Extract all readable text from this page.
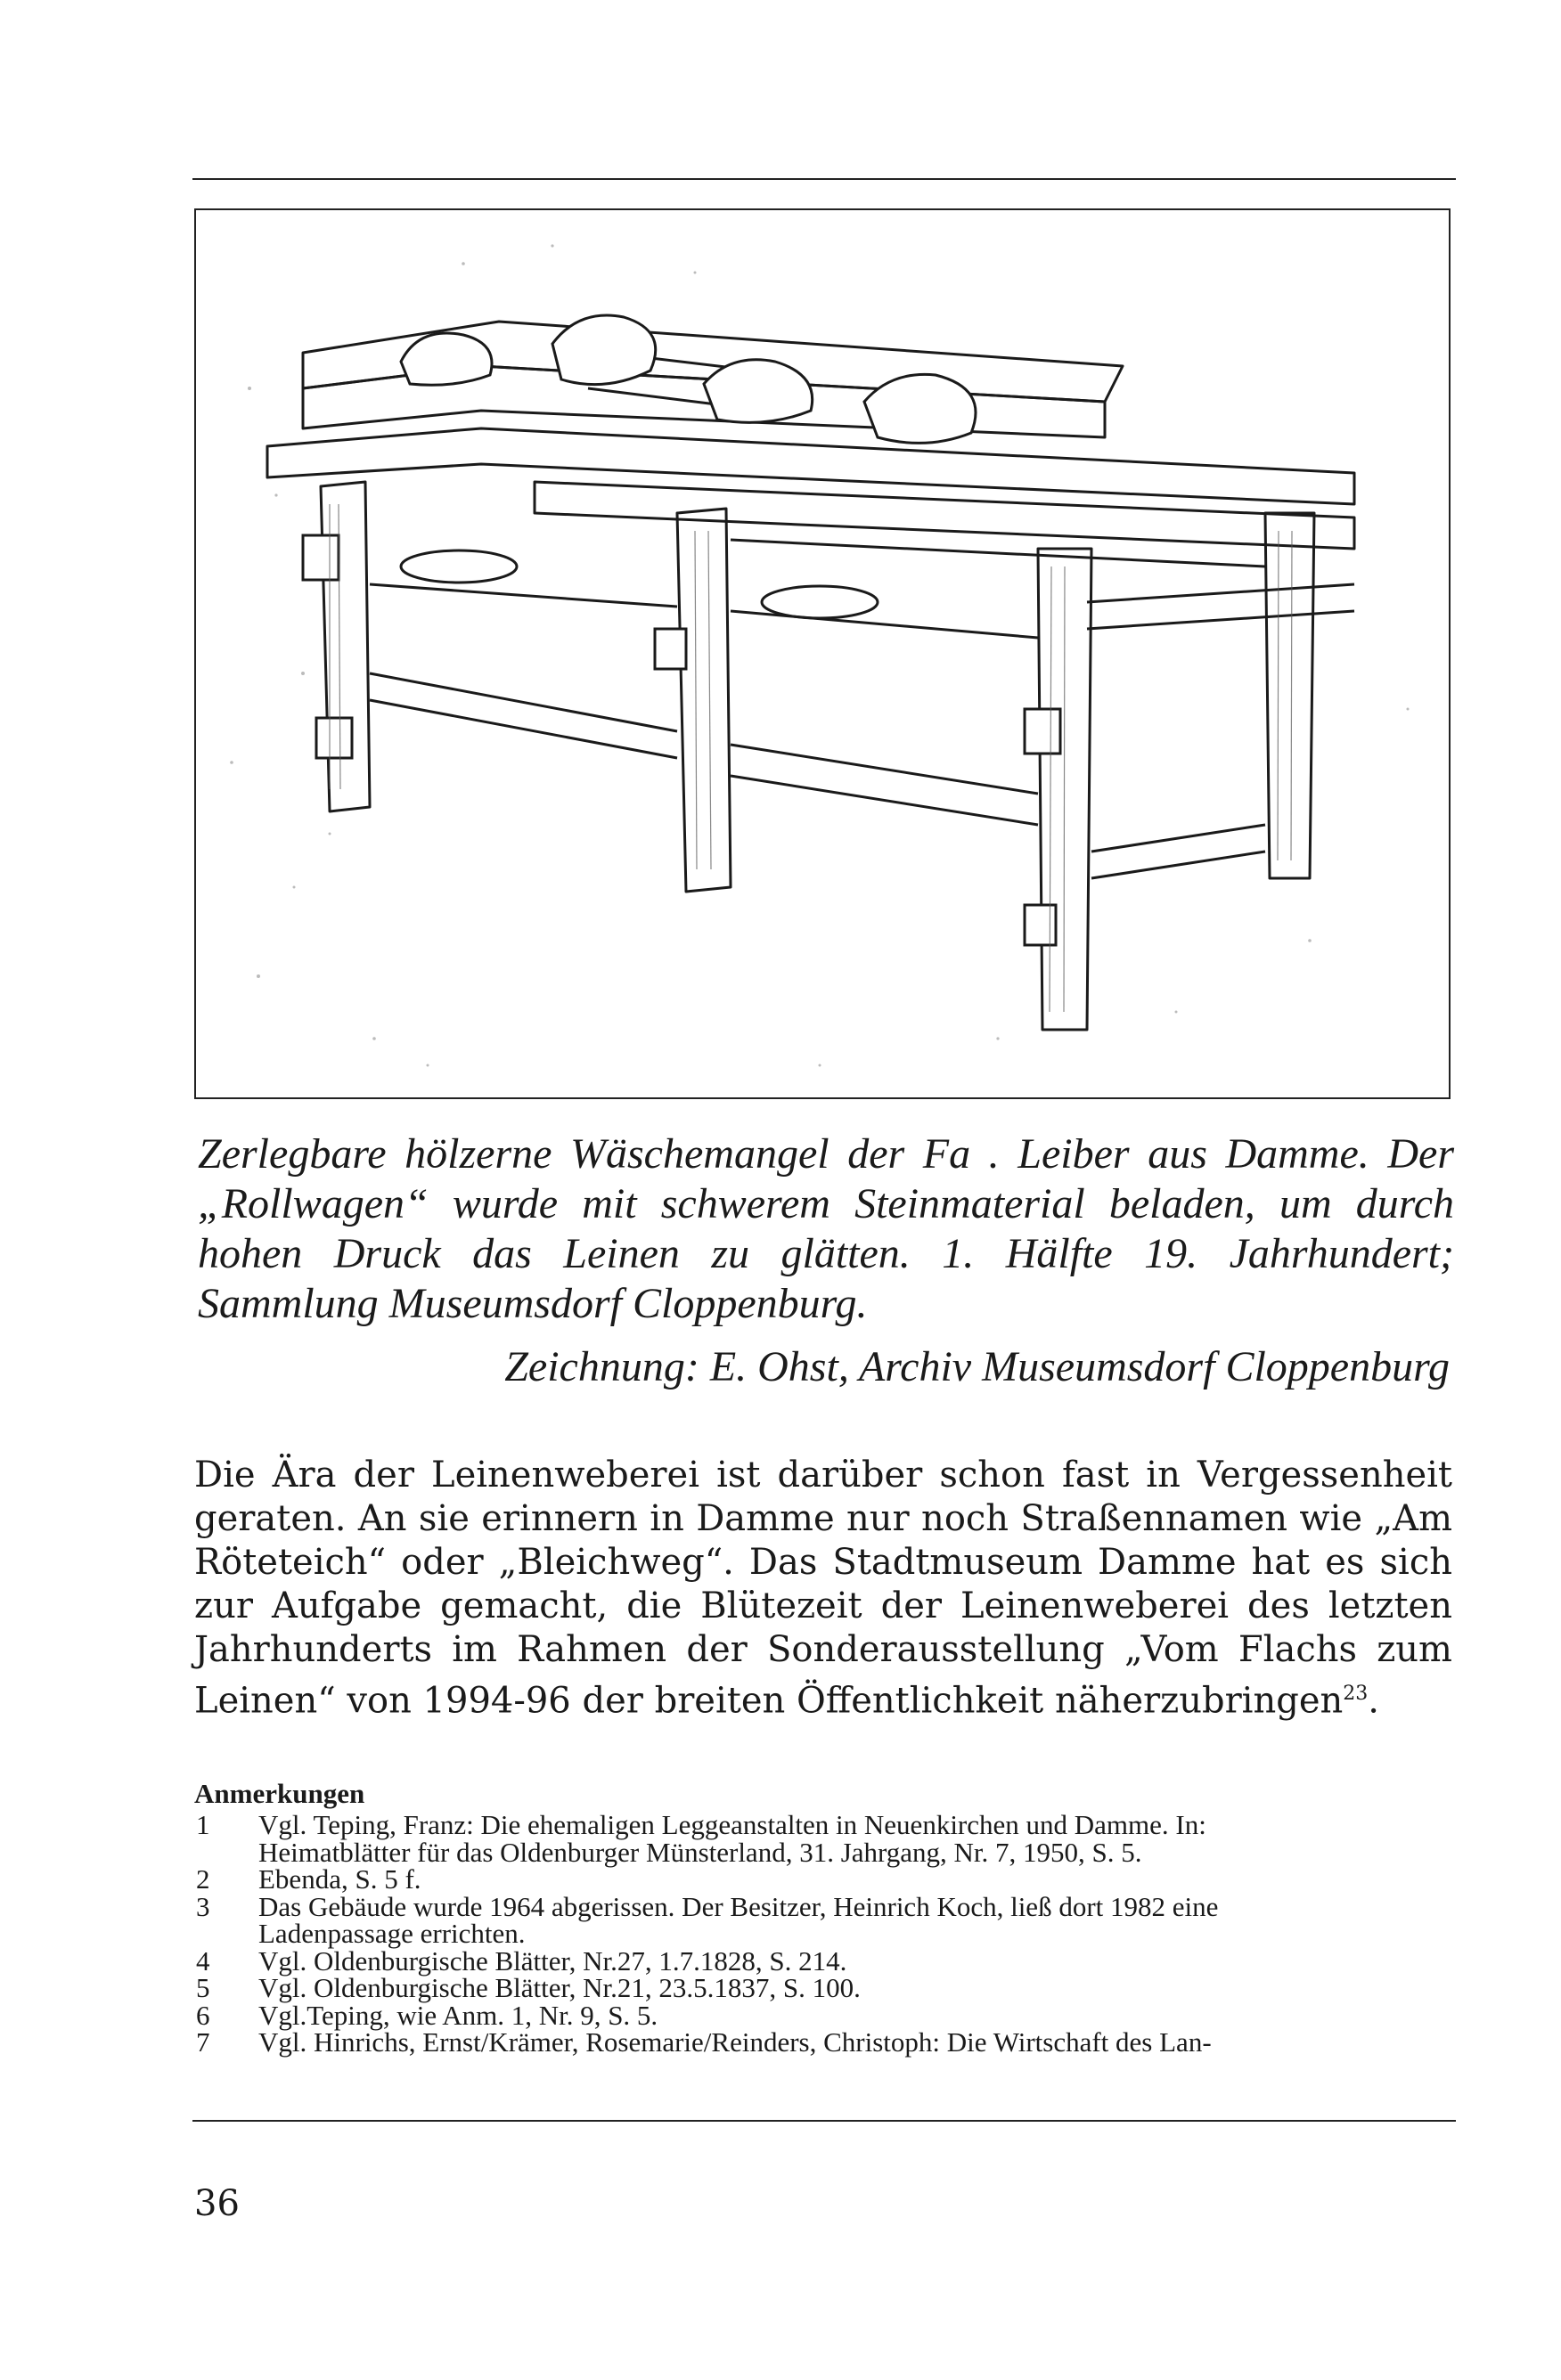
Zerlegbare hölzerne Wäschemangel der Fa . Leiber aus Damme. Der
„Rollwagen“ wurde mit schwerem Steinmaterial beladen, um durch
hohen Druck das Leinen zu glätten. 1. Hälfte 19. Jahrhundert;
Sammlung Museumsdorf Cloppenburg.
Zeichnung: E. Ohst, Archiv Museumsdorf Cloppenburg
Die Ära der Leinenweberei ist darüber schon fast in Vergessenheit
geraten. An sie erinnern in Damme nur noch Straßennamen wie „Am
Röteteich“ oder „Bleichweg“. Das Stadtmuseum Damme hat es sich
zur Aufgabe gemacht, die Blütezeit der Leinenweberei des letzten
Jahrhunderts im Rahmen der Sonderausstellung „Vom Flachs zum
Leinen“ von 1994-96 der breiten Öffentlichkeit näherzubringen$^{23}$.
Anmerkungen
1	Vgl. Teping, Franz: Die ehemaligen Leggeanstalten in Neuenkirchen und Damme. In:
Heimatblätter für das Oldenburger Münsterland, 31. Jahrgang, Nr. 7, 1950, S. 5.
2	Ebenda, S. 5 f.
3	Das Gebäude wurde 1964 abgerissen. Der Besitzer, Heinrich Koch, ließ dort 1982 eine
Ladenpassage errichten.
4	Vgl. Oldenburgische Blätter, Nr.27, 1.7.1828, S. 214.
5	Vgl. Oldenburgische Blätter, Nr.21, 23.5.1837, S. 100.
6	Vgl.Teping, wie Anm. 1, Nr. 9, S. 5.
7	Vgl. Hinrichs, Ernst/Krämer, Rosemarie/Reinders, Christoph: Die Wirtschaft des Lan-
36
